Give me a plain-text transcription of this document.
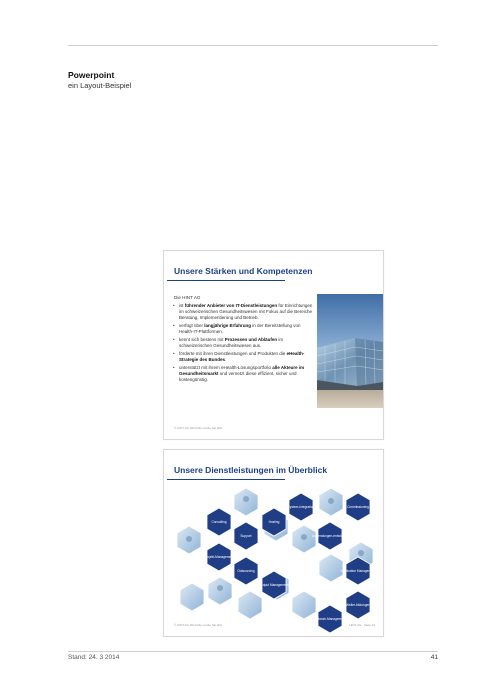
Powerpoint
ein Layout-Beispiel
Unsere Stärken und Kompetenzen
Die HINT AG
• ist führender Anbieter von IT-Dienstleistungen für Einrichtungen im schweizerischen Gesundheitswesen mit Fokus auf die Bereiche Beratung, Implementierung und Betrieb.
• verfügt über langjährige Erfahrung in der Bereitstellung von Health-IT-Plattformen.
• kennt sich bestens mit Prozessen und Abläufen im schweizerischen Gesundheitswesen aus.
• förderte mit ihren Dienstleistungen und Produkten die eHealth-Strategie des Bundes.
• unterstützt mit ihrem eHealth-Lösungsportfolio alle Akteure im Gesundheitsmarkt und vernetzt diese effizient, sicher und kostengünstig.
© HINT AG 2014 Die marke hat dich
Unsere Dienstleistungen im Überblick
Consulting
Support
Hosting
System-Integration	Commissioning
Projekt-Management
Outsourcing
Anwendungen-entwickeln
Application Management
Output Management
Weiter-bildungen
Network-Management
© HINT AG 2014 Die marke hat dich	HINT AG · Seite 12
Stand: 24. 3 2014	41
